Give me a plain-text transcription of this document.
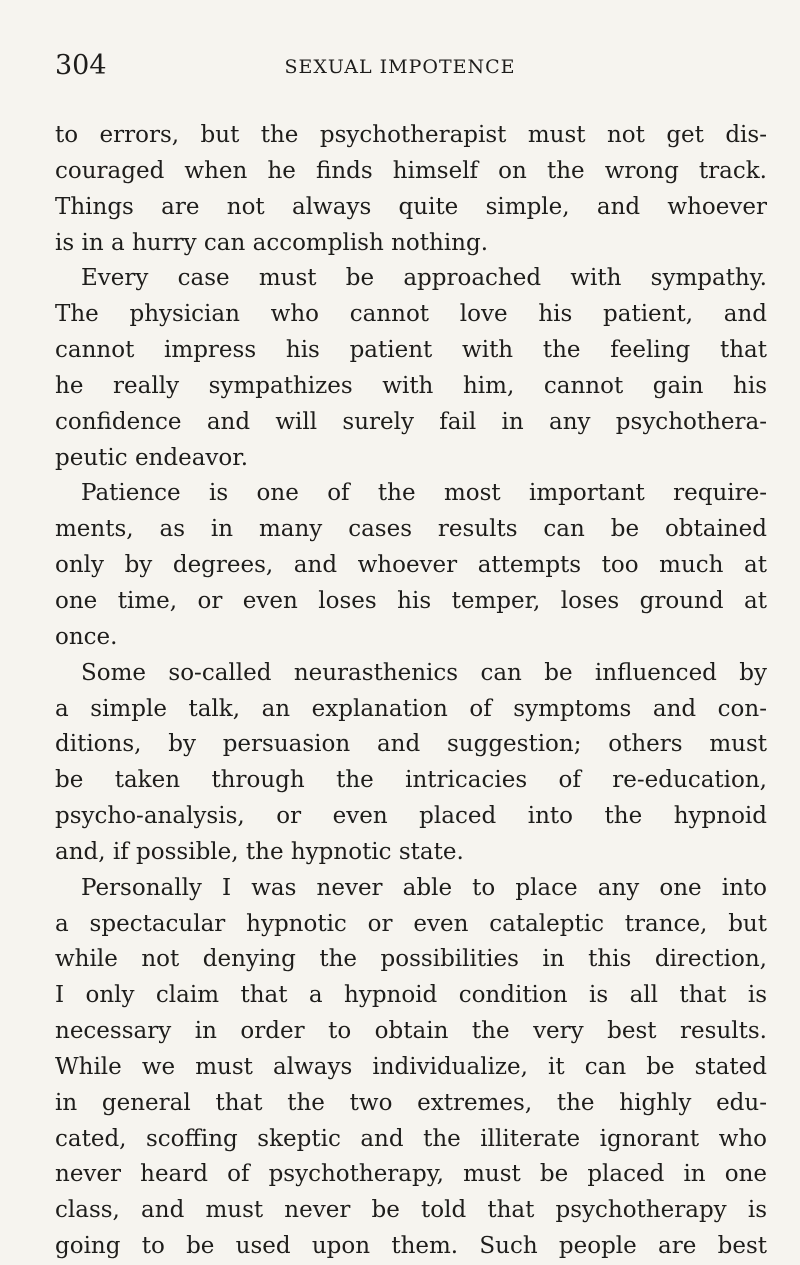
304	SEXUAL IMPOTENCE
to errors, but the psychotherapist must not get dis-
couraged when he finds himself on the wrong track.
Things are not always quite simple, and whoever
is in a hurry can accomplish nothing.
Every case must be approached with sympathy.
The physician who cannot love his patient, and
cannot impress his patient with the feeling that
he really sympathizes with him, cannot gain his
confidence and will surely fail in any psychothera-
peutic endeavor.
Patience is one of the most important require-
ments, as in many cases results can be obtained
only by degrees, and whoever attempts too much at
one time, or even loses his temper, loses ground at
once.
Some so-called neurasthenics can be influenced by
a simple talk, an explanation of symptoms and con-
ditions, by persuasion and suggestion; others must
be taken through the intricacies of re-education,
psycho-analysis, or even placed into the hypnoid
and, if possible, the hypnotic state.
Personally I was never able to place any one into
a spectacular hypnotic or even cataleptic trance, but
while not denying the possibilities in this direction,
I only claim that a hypnoid condition is all that is
necessary in order to obtain the very best results.
While we must always individualize, it can be stated
in general that the two extremes, the highly edu-
cated, scoffing skeptic and the illiterate ignorant who
never heard of psychotherapy, must be placed in one
class, and must never be told that psychotherapy is
going to be used upon them. Such people are best
